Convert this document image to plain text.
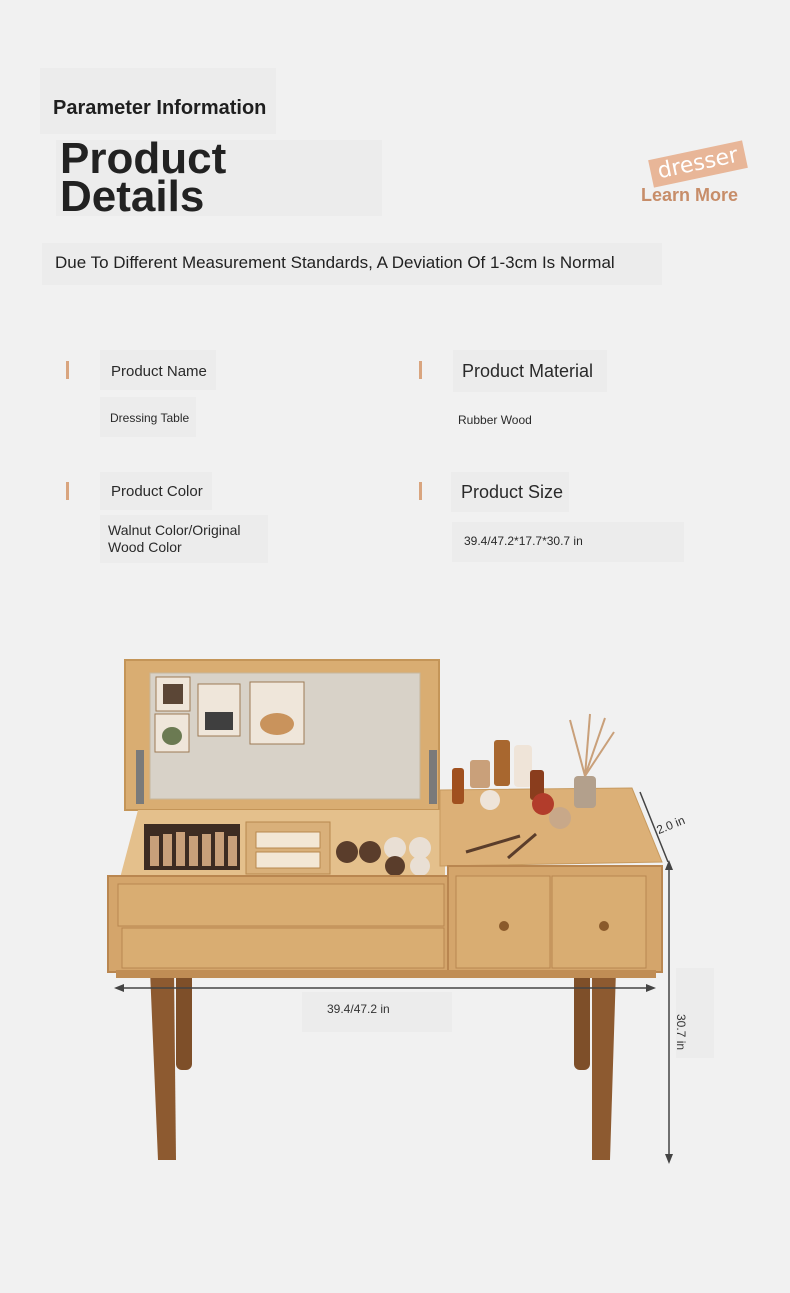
Parameter Information
Product
Details
Due To Different Measurement Standards, A Deviation Of 1-3cm Is Normal
dresser
Learn More
Product Name
Dressing Table
Product Material
Rubber Wood
Product Color
Walnut Color/Original Wood Color
Product Size
39.4/47.2*17.7*30.7 in
39.4/47.2 in
30.7 in
2.0 in
